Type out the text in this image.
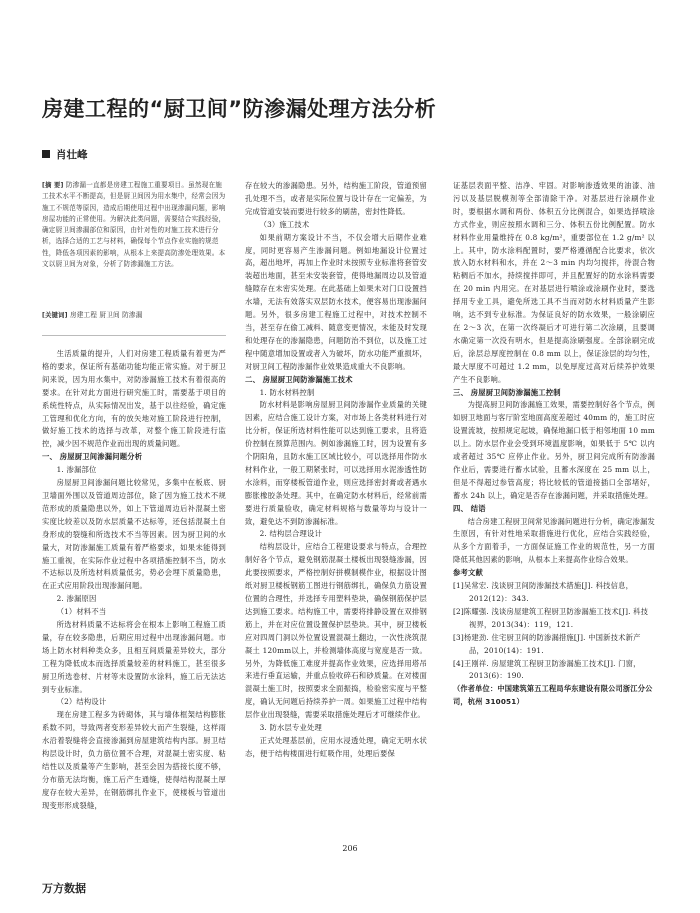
房建工程的“厨卫间”防渗漏处理方法分析
肖壮峰
[摘 要] 防渗漏一直都是房建工程施工重要项目。虽然现在施工技术水平不断提高，但是厨卫间因为用水集中，经常会因为施工不规范等原因，造成后期使用过程中出现渗漏问题，影响房屋功能的正常使用。为解决此类问题，需要结合实践经验，确定厨卫间渗漏部位和原因，由针对性的对施工技术进行分析，选择合适的工艺与材料，确保每个节点作业实施的规范性，降低各项因素的影响，从根本上来提高防渗处理效果。本文以厨卫间为对象，分析了防渗漏施工方法。
[关键词] 房建工程 厨卫间 防渗漏
生活质量的提升，人们对房建工程质量有着更为严格的要求，保证所有基础功能均能正常实施。对于厨卫间来说，因为用水集中，对防渗漏施工技术有着很高的要求。在针对此方面进行研究施工时，需要基于项目的系统性特点，从实际情况出发，基于以往经验，确定施工管理和优化方向，有的放矢地对施工阶段进行控制，做好施工技术的选择与改革，对整个施工阶段进行监控，减少因不规范作业而出现的质量问题。
一、 房屋厨卫间渗漏问题分析
1. 渗漏部位
房屋厨卫间渗漏问题比较常见，多集中在板底、厨卫墙面外围以及管道周边部位，除了因为施工技术不规范形成的质量隐患以外，如上下管道周边后补混凝土密实度比较差以及防水层质量不达标等，还包括混凝土自身形成的裂缝和所选技术不当等因素。因为厨卫间的水量大，对防渗漏施工质量有着严格要求，如果未能得到施工重视，在实际作业过程中各项措施控制不当，防水不达标以及所选材料质量低劣，势必会埋下质量隐患，在正式应用阶段出现渗漏问题。
2. 渗漏原因
（1）材料不当
所选材料质量不达标将会在根本上影响工程施工质量，存在较多隐患，后期应用过程中出现渗漏问题。市场上防水材料种类众多，且相互间质量差异较大，部分工程为降低成本而选择质量较差的材料施工，甚至很多厨卫所选卷材、片材等未设置防水涂料，施工后无法达到专业标准。
（2）结构设计
现在房建工程多为砖砌体，其与墙体框架结构膨胀系数不同，导致两者变形差异较大而产生裂缝，这样雨水沿着裂缝将会直接渗漏到房屋建筑结构内部。厨卫结构层设计时，负力筋位置不合理，对混凝土密实度、粘结性以及质量等产生影响，甚至会因为搭接长度不够，分布筋无法均衡，施工后产生通缝，使得结构混凝土厚度存在较大差异，在钢筋绑扎作业下，使楼板与管道出现变形形成裂缝，
存在较大的渗漏隐患。另外，结构施工阶段，管道预留孔处理不当，或者是实际位置与设计存在一定偏差，为完成管道安装而要进行较多的刷凿，密封性降低。
（3）施工技术
如果前期方案设计不当，不仅会增大后期作业难度，同时更容易产生渗漏问题。例如地漏设计位置过高，超出地坪，再加上作业时未按照专业标准将套管安装超出地面，甚至未安装套管，使得地漏周边以及管道缝隙存在未密实处理。在此基础上如果未对门口设置挡水墙，无法有效落实双层防水技术，便容易出现渗漏问题。另外，很多房建工程施工过程中，对技术控制不当，甚至存在偷工减料、随意变更情况，未能及时发现和处理存在的渗漏隐患，问题防治不到位，以及施工过程中随意增加设置或者入为破坏，防水功能严重损坏，对厨卫间工程防渗漏作业效果造成重大不良影响。
二、 房屋厨卫间防渗漏施工技术
1. 防水材料控制
防水材料是影响房屋厨卫间防渗漏作业质量的关键因素，应结合施工设计方案，对市场上各类材料进行对比分析，保证所选材料性能可以达到施工要求，且将造价控制在预算范围内。例如渗漏施工时，因为设置有多个阴阳角，且防水施工区域比较小，可以选择用作防水材料作业，一般工期紧张时，可以选择用水泥渗透性防水涂料，而穿楼板管道作业，则应选择密封膏或者遇水膨胀橡胶条处理。其中，在确定防水材料后，经常前需要进行质量验收，确定材料规格与数量等均与设计一致，避免达不到防渗漏标准。
2. 结构层合理设计
结构层设计，应结合工程建设要求与特点，合理控制好各个节点，避免钢筋混凝土楼板出现裂缝渗漏，因此要按照要求，严格控制好拼模制模作业，根据设计图纸对厨卫楼板钢筋工图进行钢筋绑扎，确保负力筋设置位置的合理性，并选择专用塑料垫块，确保钢筋保护层达到施工要求。结构施工中，需要将排静设置在双排钢筋上，并在对应位置设置保护层垫块。其中，厨卫楼板应对四周门洞以外位置设置混凝土翻边，一次性浇筑混凝土 120mm以上，并检测墙体高度与宽度是否一致。另外，为降低施工难度并提高作业效果，应选择用塔吊来进行垂直运输，并重点验收碎石和砂质量。在对楼面混凝土施工时，按照要求全面振捣，检验密实度与平整度，确认无问题后持续养护一周。如果施工过程中结构层作业出现裂缝，需要采取措施处理后才可继续作业。
3. 防水层专业处理
正式处理基层前，应用水浸透处理，确定无明水状态，便于结构楼面进行虹吸作用，处理后要保
证基层表面平整、洁净、牢固。对影响渗透效果的油漆、油污以及基层脱模剂等全部清除干净。对基层进行涂刷作业时，要根据水调和两份、体积五分比例混合，如果选择喷涂方式作业，则应按照水调和三分、体积五份比例配置。防水材料作业用量维持在 0.8 kg/m²，重要部位在 1.2 g/m² 以上。其中，防水涂料配置时，要严格遵循配合比要求，依次放入防水材料和水，并在 2～3 min 内均匀搅拌，待混合物粘稠后不加水，持续搅拌即可，并且配置好的防水涂料需要在 20 min 内用完。在对基层进行喷涂或涂刷作业时，要选择用专业工具，避免所选工具不当而对防水材料质量产生影响，达不到专业标准。为保证良好的防水效果，一般涂刷应在 2～3 次，在第一次终凝后才可进行第二次涂刷，且要调水确定第一次没有明水，但是提高涂刷强度。全部涂刷完成后，涂层总厚度控制在 0.8 mm 以上，保证涂层的均匀性，最大厚度不可超过 1.2 mm，以免厚度过高对后续养护效果产生不良影响。
三、 房屋厨卫间防渗漏施工控制
为提高厨卫间防渗漏施工效果，需要控制好各个节点，例如厨卫地面与客厅阶室地面高度差超过 40mm 的，施工时应设置流坡，按照规定起坡，确保地漏口低于相邻地面 10 mm 以上。防水层作业会受到环境温度影响，如果低于 5℃ 以内或者超过 35℃ 应停止作业。另外，厨卫间完成所有防渗漏作业后，需要进行蓄水试验，且蓄水深度在 25 mm 以上，但是不得超过参管高度；将比较低的管道接插口全部堵好，蓄水 24h 以上，确定是否存在渗漏问题，并采取措施处理。
四、 结语
结合房建工程厨卫间常见渗漏问题进行分析，确定渗漏发生原因，有针对性地采取措施进行优化，应结合实践经验，从多个方面着手，一方面保证施工作业的规范性，另一方面降低其他因素的影响，从根本上来提高作业综合效果。
参考文献
[1]吴常宏. 浅谈厨卫间防渗漏技术措施[J]. 科技信息，2012(12)：343.
[2]陈耀强. 浅谈房屋建筑工程厨卫防渗漏施工技术[J]. 科技视界，2013(34)：119，121.
[3]杨建劲. 住宅厨卫间的防渗漏措施[J]. 中国新技术新产品，2010(14)：191.
[4]王刚祥. 房屋建筑工程厨卫防渗漏施工技术[J]. 门窗，2013(6)：190.
（作者单位：中国建筑第五工程局华东建设有限公司浙江分公司，杭州 310051）
206
万方数据
